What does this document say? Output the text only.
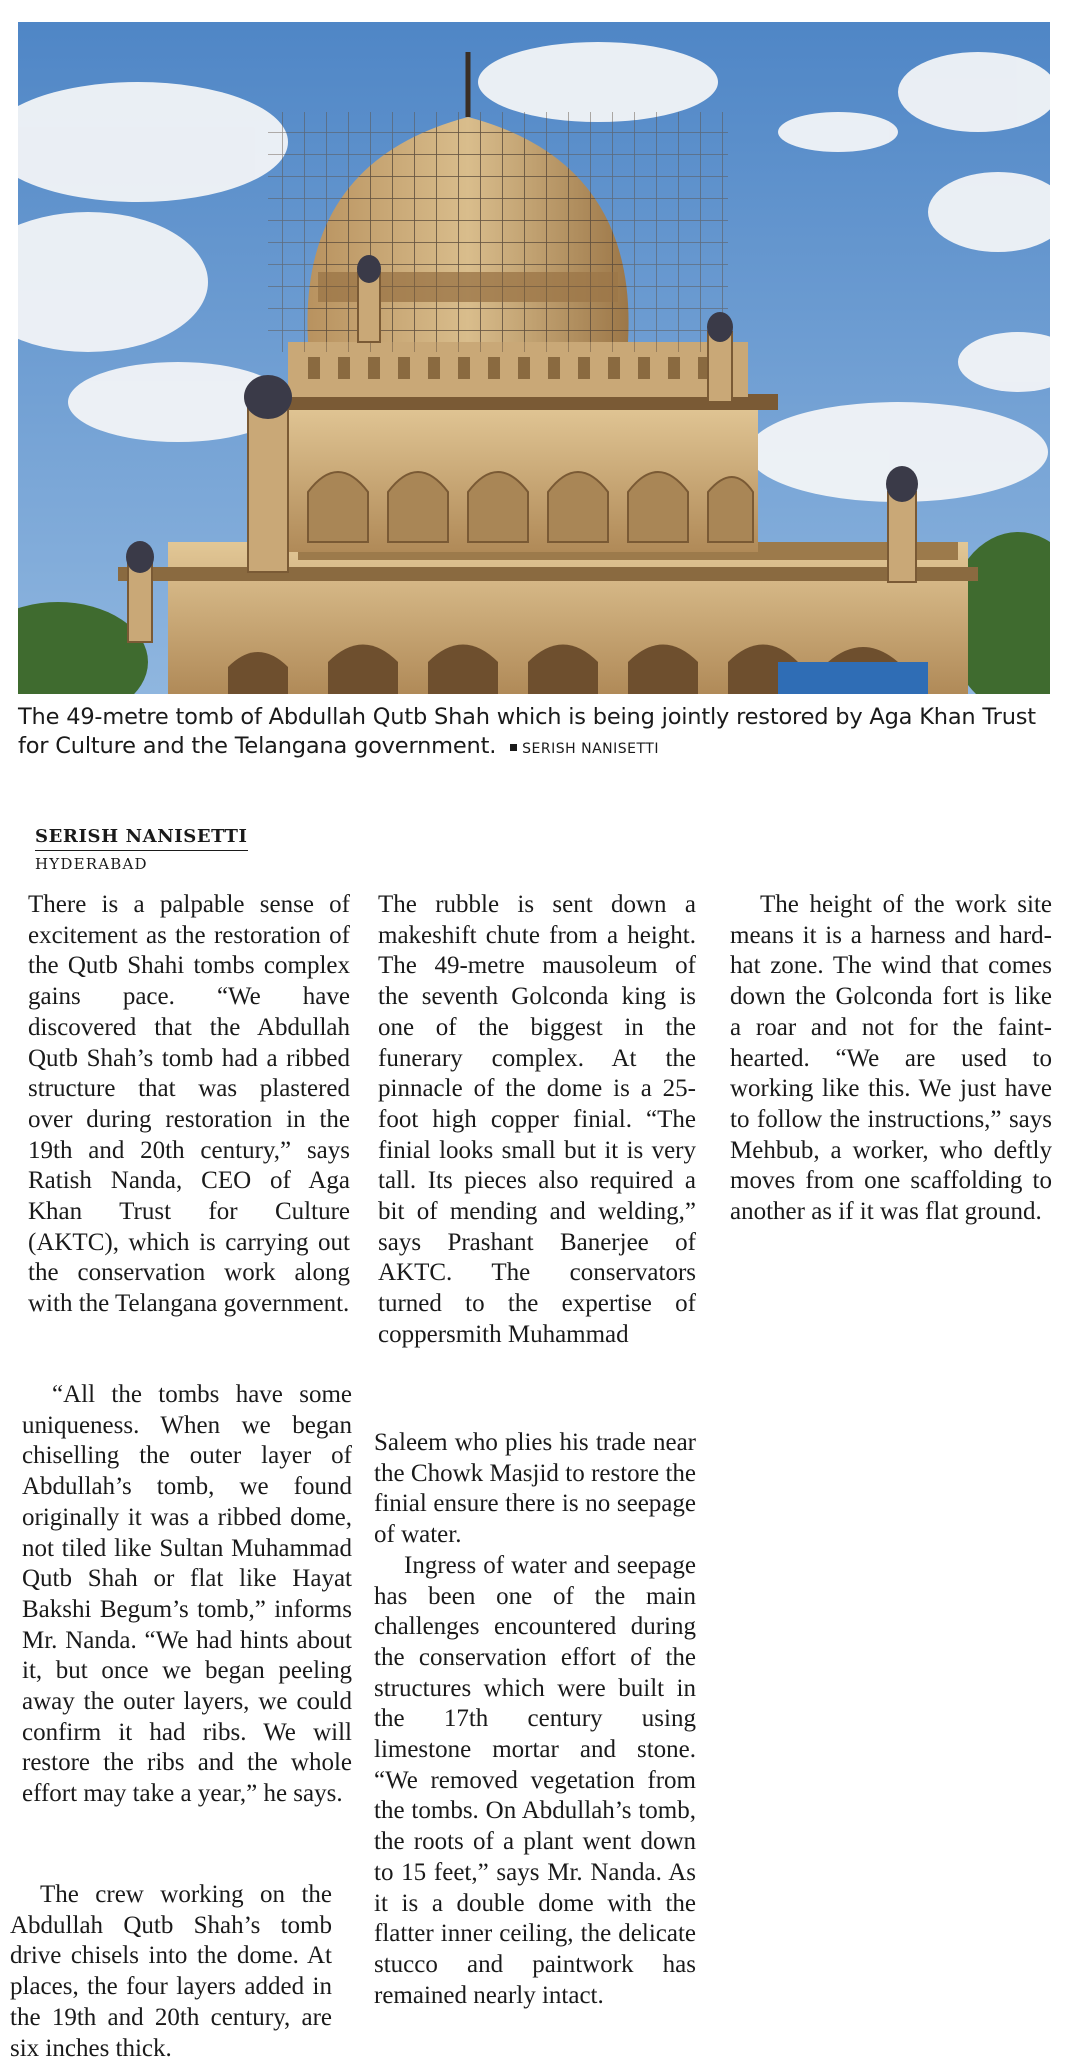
The 49-metre tomb of Abdullah Qutb Shah which is being jointly restored by Aga Khan Trust for Culture and the Telangana government. SERISH NANISETTI
SERISH NANISETTI
HYDERABAD

There is a palpable sense of excitement as the restoration of the Qutb Shahi tombs complex gains pace. “We have discovered that the Abdullah Qutb Shah’s tomb had a ribbed structure that was plastered over during restoration in the 19th and 20th century,” says Ratish Nanda, CEO of Aga Khan Trust for Culture (AKTC), which is carrying out the conservation work along with the Telangana government.

“All the tombs have some uniqueness. When we began chiselling the outer layer of Abdullah’s tomb, we found originally it was a ribbed dome, not tiled like Sultan Muhammad Qutb Shah or flat like Hayat Bakshi Begum’s tomb,” informs Mr. Nanda. “We had hints about it, but once we began peeling away the outer layers, we could confirm it had ribs. We will restore the ribs and the whole effort may take a year,” he says.

The crew working on the Abdullah Qutb Shah’s tomb drive chisels into the dome. At places, the four layers added in the 19th and 20th century, are six inches thick.

The rubble is sent down a makeshift chute from a height. The 49-metre mausoleum of the seventh Golconda king is one of the biggest in the funerary complex. At the pinnacle of the dome is a 25-foot high copper finial. “The finial looks small but it is very tall. Its pieces also required a bit of mending and welding,” says Prashant Banerjee of AKTC. The conservators turned to the expertise of coppersmith Muhammad

Saleem who plies his trade near the Chowk Masjid to restore the finial ensure there is no seepage of water.

Ingress of water and seepage has been one of the main challenges encountered during the conservation effort of the structures which were built in the 17th century using limestone mortar and stone. “We removed vegetation from the tombs. On Abdullah’s tomb, the roots of a plant went down to 15 feet,” says Mr. Nanda. As it is a double dome with the flatter inner ceiling, the delicate stucco and paintwork has remained nearly intact.

The height of the work site means it is a harness and hard-hat zone. The wind that comes down the Golconda fort is like a roar and not for the faint-hearted. “We are used to working like this. We just have to follow the instructions,” says Mehbub, a worker, who deftly moves from one scaffolding to another as if it was flat ground.
